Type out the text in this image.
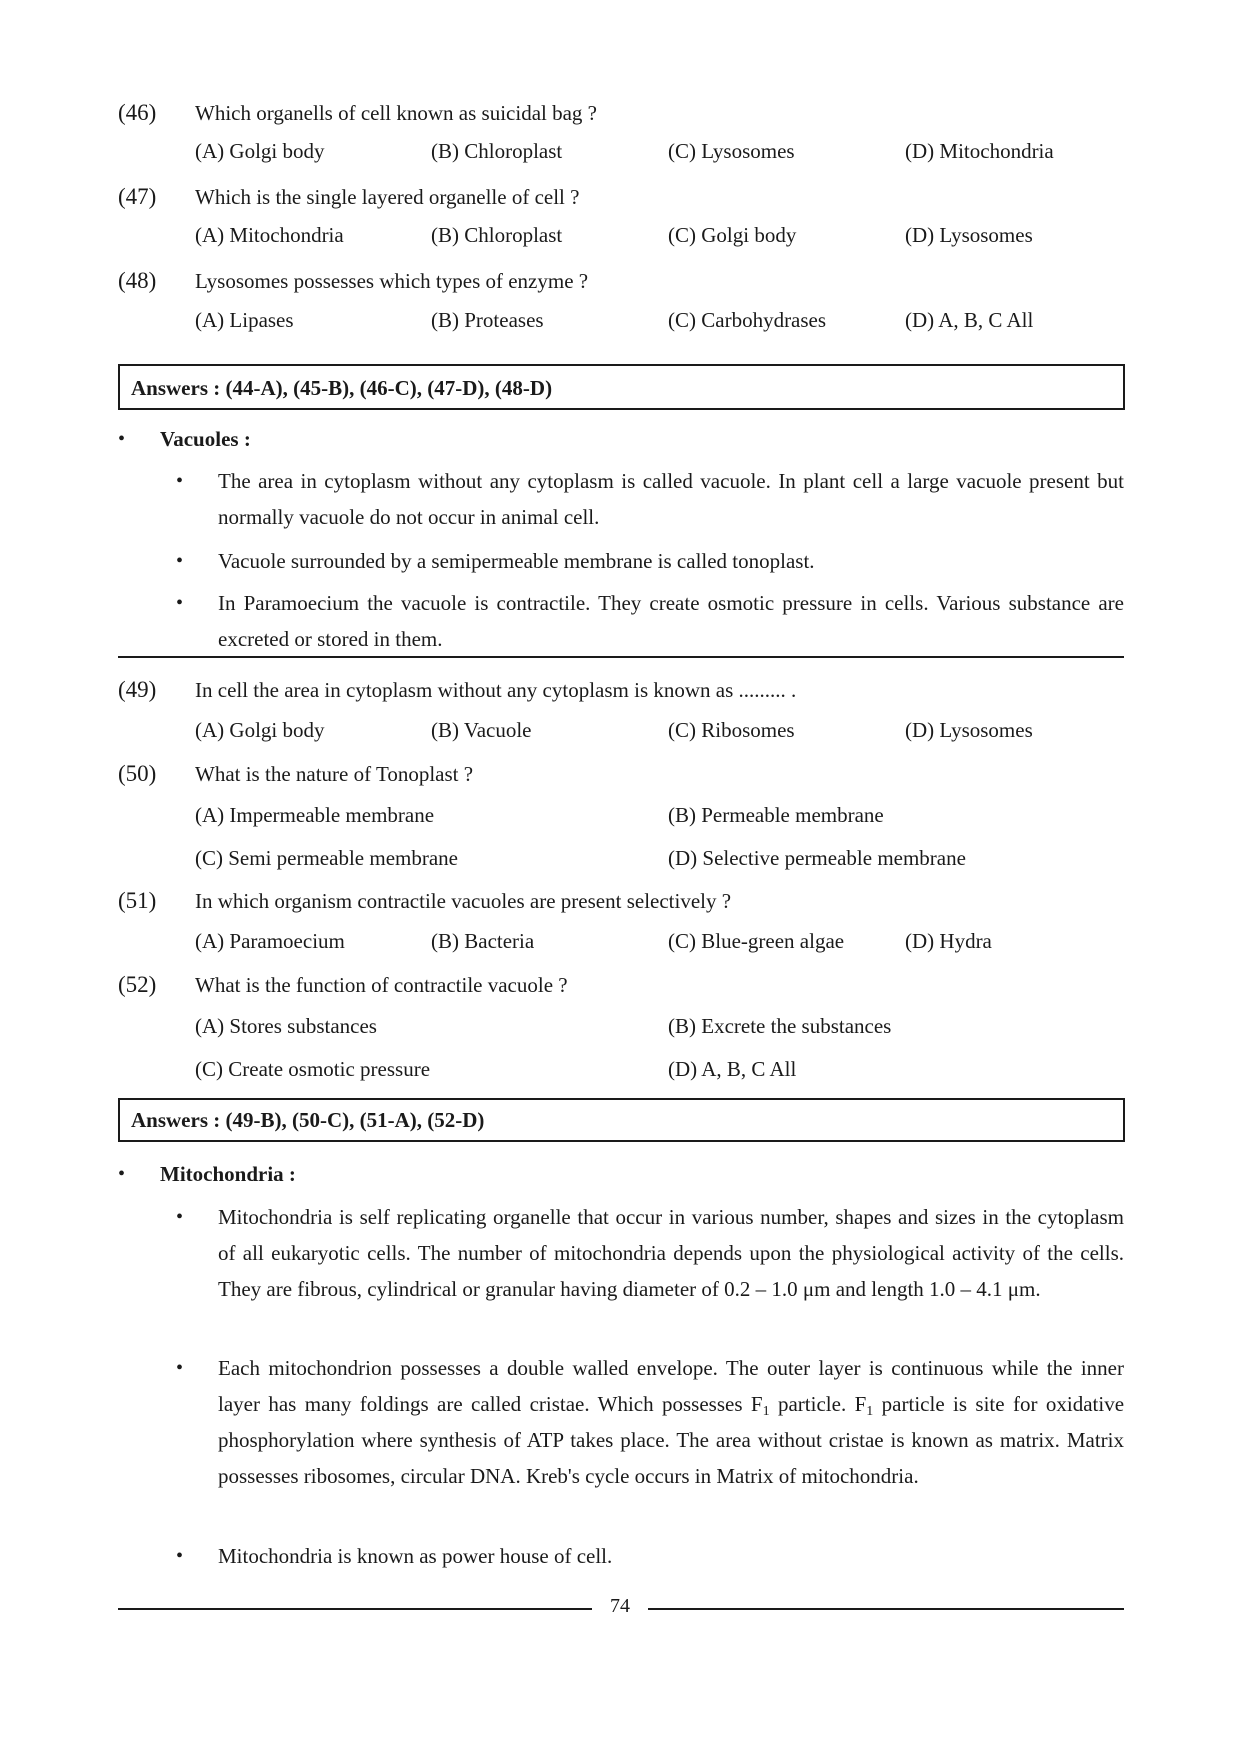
(46) Which organells of cell known as suicidal bag ?
(A) Golgi body	(B) Chloroplast	(C) Lysosomes	(D) Mitochondria
(47) Which is the single layered organelle of cell ?
(A) Mitochondria	(B) Chloroplast	(C) Golgi body	(D) Lysosomes
(48) Lysosomes possesses which types of enzyme ?
(A) Lipases	(B) Proteases	(C) Carbohydrases	(D) A, B, C All
Answers : (44-A), (45-B), (46-C), (47-D), (48-D)
• Vacuoles :
• The area in cytoplasm without any cytoplasm is called vacuole. In plant cell a large vacuole present but normally vacuole do not occur in animal cell.
• Vacuole surrounded by a semipermeable membrane is called tonoplast.
• In Paramoecium the vacuole is contractile. They create osmotic pressure in cells. Various substance are excreted or stored in them.
(49) In cell the area in cytoplasm without any cytoplasm is known as ......... .
(A) Golgi body	(B) Vacuole	(C) Ribosomes	(D) Lysosomes
(50) What is the nature of Tonoplast ?
(A) Impermeable membrane	(B) Permeable membrane
(C) Semi permeable membrane	(D) Selective permeable membrane
(51) In which organism contractile vacuoles are present selectively ?
(A) Paramoecium	(B) Bacteria	(C) Blue-green algae	(D) Hydra
(52) What is the function of contractile vacuole ?
(A) Stores substances	(B) Excrete the substances
(C) Create osmotic pressure	(D) A, B, C All
Answers : (49-B), (50-C), (51-A), (52-D)
• Mitochondria :
• Mitochondria is self replicating organelle that occur in various number, shapes and sizes in the cytoplasm of all eukaryotic cells. The number of mitochondria depends upon the physiological activity of the cells. They are fibrous, cylindrical or granular having diameter of 0.2 – 1.0 μm and length 1.0 – 4.1 μm.
• Each mitochondrion possesses a double walled envelope. The outer layer is continuous while the inner layer has many foldings are called cristae. Which possesses $F_1$ particle. $F_1$ particle is site for oxidative phosphorylation where synthesis of ATP takes place. The area without cristae is known as matrix. Matrix possesses ribosomes, circular DNA. Kreb's cycle occurs in Matrix of mitochondria.
• Mitochondria is known as power house of cell.
74
